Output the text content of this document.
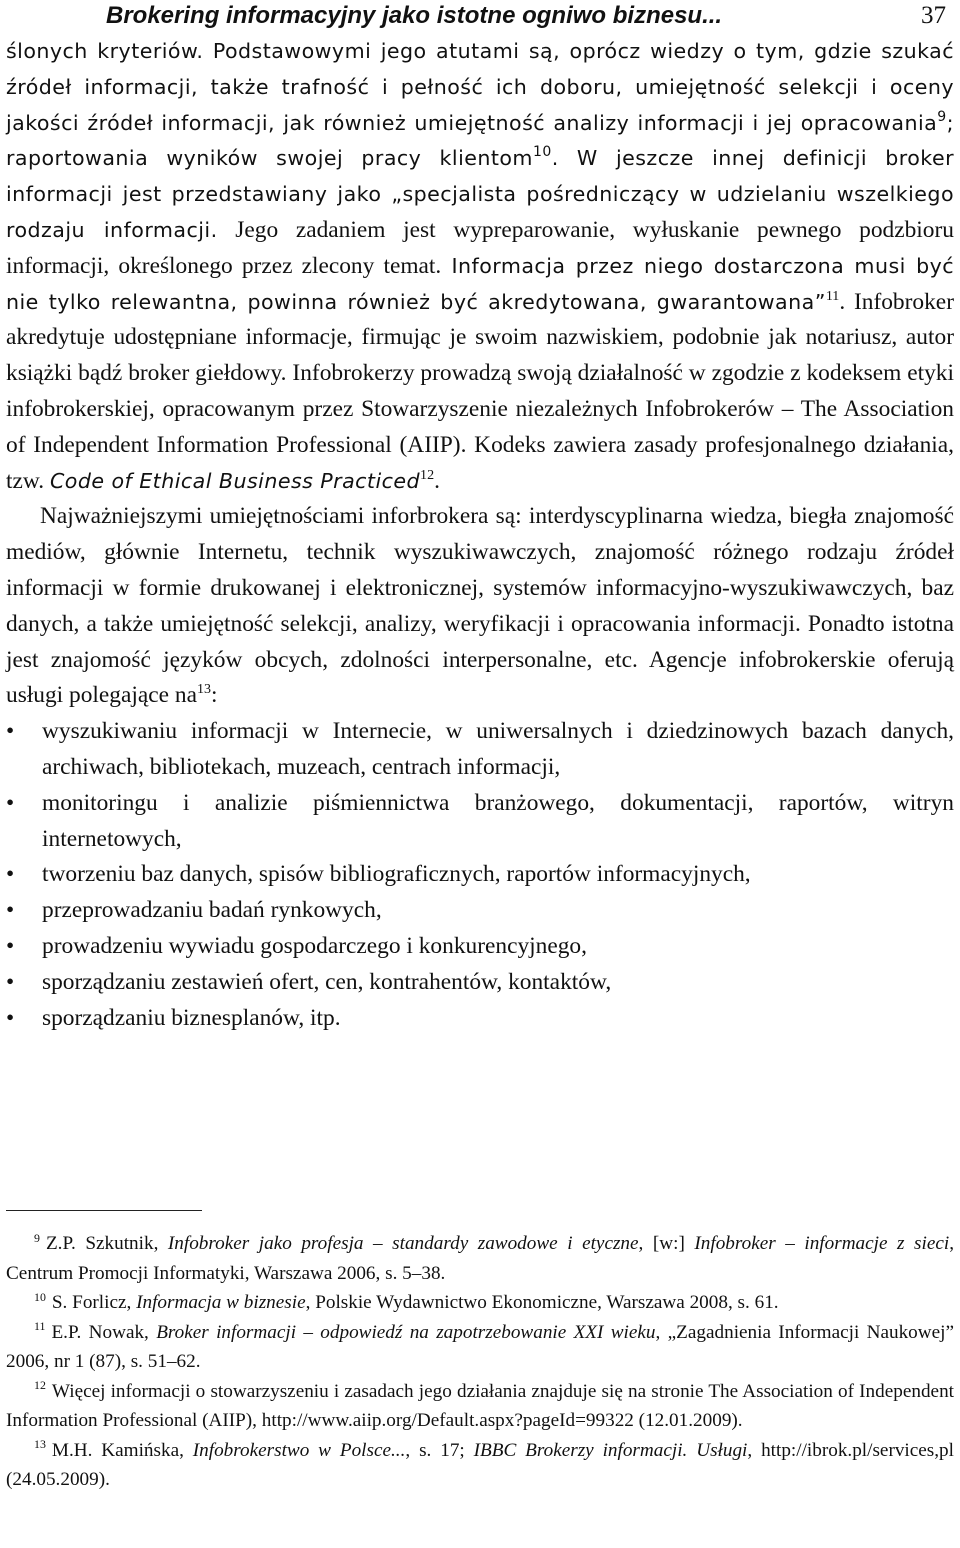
Brokering informacyjny jako istotne ogniwo biznesu...	37

ślonych kryteriów. Podstawowymi jego atutami są, oprócz wiedzy o tym, gdzie szukać źródeł informacji, także trafność i pełność ich doboru, umiejętność selekcji i oceny jakości źródeł informacji, jak również umiejętność analizy informacji i jej opracowania$^9$; raportowania wyników swojej pracy klientom$^{10}$. W jeszcze innej definicji broker informacji jest przedstawiany jako „specjalista pośredniczący w udzielaniu wszelkiego rodzaju informacji. Jego zadaniem jest wypreparowanie, wyłuskanie pewnego podzbioru informacji, określonego przez zlecony temat. Informacja przez niego dostarczona musi być nie tylko relewantna, powinna również być akredytowana, gwarantowana”$^{11}$. Infobroker akredytuje udostępniane informacje, firmując je swoim nazwiskiem, podobnie jak notariusz, autor książki bądź broker giełdowy. Infobrokerzy prowadzą swoją działalność w zgodzie z kodeksem etyki infobrokerskiej, opracowanym przez Stowarzyszenie niezależnych Infobrokerów – The Association of Independent Information Professional (AIIP). Kodeks zawiera zasady profesjonalnego działania, tzw. Code of Ethical Business Practiced$^{12}$.

Najważniejszymi umiejętnościami inforbrokera są: interdyscyplinarna wiedza, biegła znajomość mediów, głównie Internetu, technik wyszukiwawczych, znajomość różnego rodzaju źródeł informacji w formie drukowanej i elektronicznej, systemów informacyjno-wyszukiwawczych, baz danych, a także umiejętność selekcji, analizy, weryfikacji i opracowania informacji. Ponadto istotna jest znajomość języków obcych, zdolności interpersonalne, etc. Agencje infobrokerskie oferują usługi polegające $na^{13}$:

• wyszukiwaniu informacji w Internecie, w uniwersalnych i dziedzinowych bazach danych, archiwach, bibliotekach, muzeach, centrach informacji,
• monitoringu i analizie piśmiennictwa branżowego, dokumentacji, raportów, witryn internetowych,
• tworzeniu baz danych, spisów bibliograficznych, raportów informacyjnych,
• przeprowadzaniu badań rynkowych,
• prowadzeniu wywiadu gospodarczego i konkurencyjnego,
• sporządzaniu zestawień ofert, cen, kontrahentów, kontaktów,
• sporządzaniu biznesplanów, itp.

$^9$ Z.P. Szkutnik, Infobroker jako profesja – standardy zawodowe i etyczne, [w:] Infobroker – informacje z sieci, Centrum Promocji Informatyki, Warszawa 2006, s. 5–38.

$^{10}$ S. Forlicz, Informacja w biznesie, Polskie Wydawnictwo Ekonomiczne, Warszawa 2008, s. 61.

$^{11}$ E.P. Nowak, Broker informacji – odpowiedź na zapotrzebowanie XXI wieku, „Zagadnienia Informacji Naukowej” 2006, nr 1 (87), s. 51–62.

$^{12}$ Więcej informacji o stowarzyszeniu i zasadach jego działania znajduje się na stronie The Association of Independent Information Professional (AIIP), http://www.aiip.org/Default.aspx?pageId=99322 (12.01.2009).

$^{13}$ M.H. Kamińska, Infobrokerstwo w Polsce..., s. 17; IBBC Brokerzy informacji. Usługi, http://ibrok.pl/services,pl (24.05.2009).
